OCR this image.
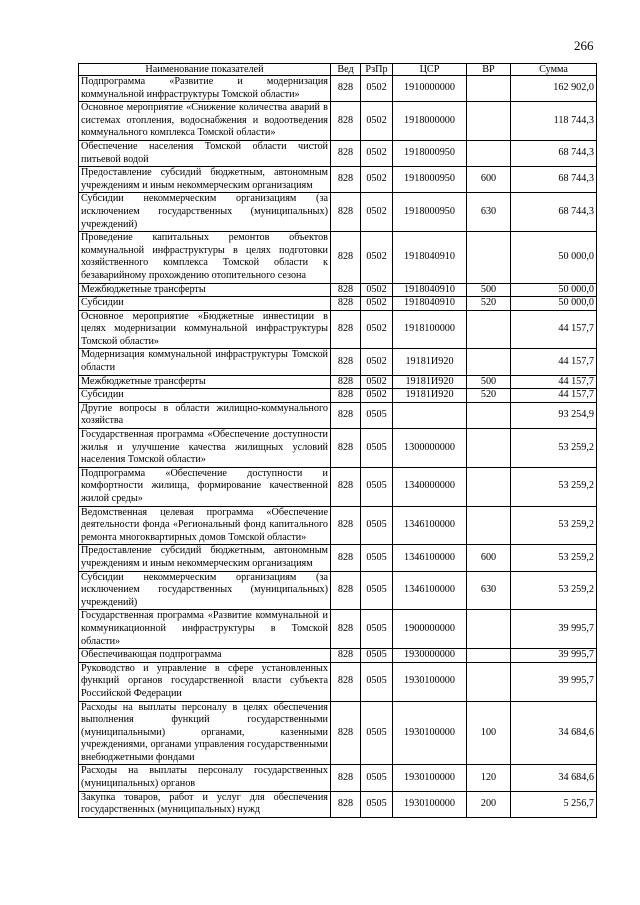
266
Наименование показателей	Вед	РзПр	ЦСР	ВР	Сумма
Подпрограмма «Развитие и модернизация коммунальной инфраструктуры Томской области»	828	0502	1910000000		162 902,0
Основное мероприятие «Снижение количества аварий в системах отопления, водоснабжения и водоотведения коммунального комплекса Томской области»	828	0502	1918000000		118 744,3
Обеспечение населения Томской области чистой питьевой водой	828	0502	1918000950		68 744,3
Предоставление субсидий бюджетным, автономным учреждениям и иным некоммерческим организациям	828	0502	1918000950	600	68 744,3
Субсидии некоммерческим организациям (за исключением государственных (муниципальных) учреждений)	828	0502	1918000950	630	68 744,3
Проведение капитальных ремонтов объектов коммунальной инфраструктуры в целях подготовки хозяйственного комплекса Томской области к безаварийному прохождению отопительного сезона	828	0502	1918040910		50 000,0
Межбюджетные трансферты	828	0502	1918040910	500	50 000,0
Субсидии	828	0502	1918040910	520	50 000,0
Основное мероприятие «Бюджетные инвестиции в целях модернизации коммунальной инфраструктуры Томской области»	828	0502	1918100000		44 157,7
Модернизация коммунальной инфраструктуры Томской области	828	0502	19181И920		44 157,7
Межбюджетные трансферты	828	0502	19181И920	500	44 157,7
Субсидии	828	0502	19181И920	520	44 157,7
Другие вопросы в области жилищно-коммунального хозяйства	828	0505			93 254,9
Государственная программа «Обеспечение доступности жилья и улучшение качества жилищных условий населения Томской области»	828	0505	1300000000		53 259,2
Подпрограмма «Обеспечение доступности и комфортности жилища, формирование качественной жилой среды»	828	0505	1340000000		53 259,2
Ведомственная целевая программа «Обеспечение деятельности фонда «Региональный фонд капитального ремонта многоквартирных домов Томской области»	828	0505	1346100000		53 259,2
Предоставление субсидий бюджетным, автономным учреждениям и иным некоммерческим организациям	828	0505	1346100000	600	53 259,2
Субсидии некоммерческим организациям (за исключением государственных (муниципальных) учреждений)	828	0505	1346100000	630	53 259,2
Государственная программа «Развитие коммунальной и коммуникационной инфраструктуры в Томской области»	828	0505	1900000000		39 995,7
Обеспечивающая подпрограмма	828	0505	1930000000		39 995,7
Руководство и управление в сфере установленных функций органов государственной власти субъекта Российской Федерации	828	0505	1930100000		39 995,7
Расходы на выплаты персоналу в целях обеспечения выполнения функций государственными (муниципальными) органами, казенными учреждениями, органами управления государственными внебюджетными фондами	828	0505	1930100000	100	34 684,6
Расходы на выплаты персоналу государственных (муниципальных) органов	828	0505	1930100000	120	34 684,6
Закупка товаров, работ и услуг для обеспечения государственных (муниципальных) нужд	828	0505	1930100000	200	5 256,7
